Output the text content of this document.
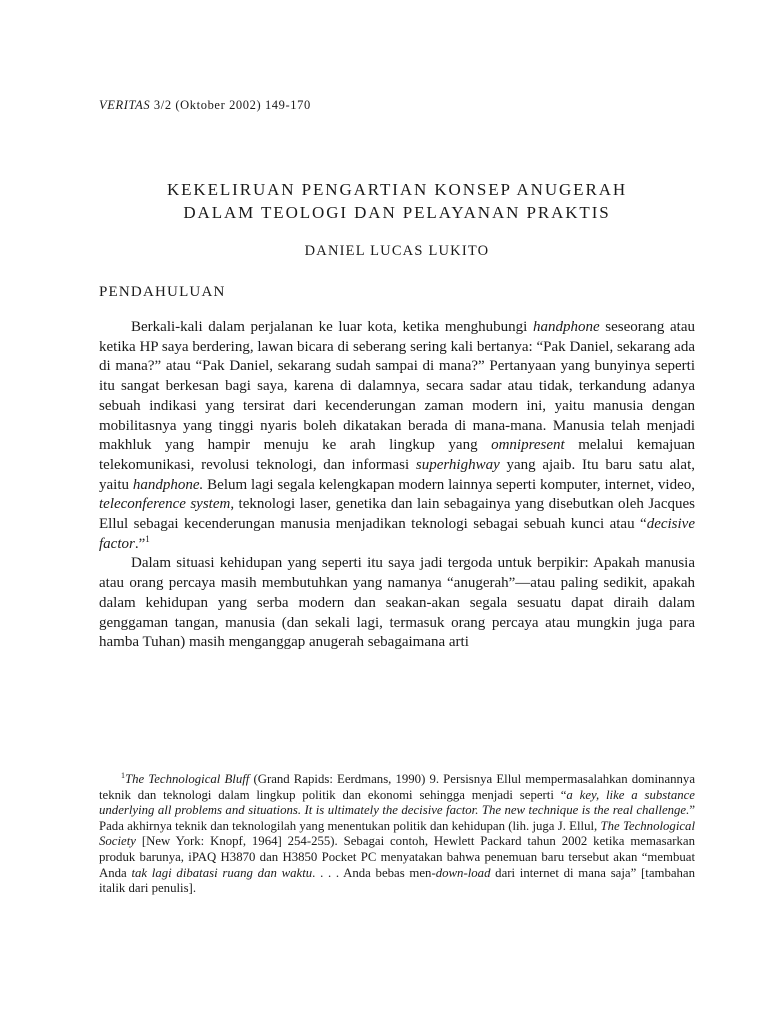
VERITAS 3/2 (Oktober 2002) 149-170
KEKELIRUAN PENGARTIAN KONSEP ANUGERAH
DALAM TEOLOGI DAN PELAYANAN PRAKTIS
DANIEL LUCAS LUKITO
PENDAHULUAN

Berkali-kali dalam perjalanan ke luar kota, ketika menghubungi handphone seseorang atau ketika HP saya berdering, lawan bicara di seberang sering kali bertanya: “Pak Daniel, sekarang ada di mana?” atau “Pak Daniel, sekarang sudah sampai di mana?” Pertanyaan yang bunyinya seperti itu sangat berkesan bagi saya, karena di dalamnya, secara sadar atau tidak, terkandung adanya sebuah indikasi yang tersirat dari kecenderungan zaman modern ini, yaitu manusia dengan mobilitasnya yang tinggi nyaris boleh dikatakan berada di mana-mana. Manusia telah menjadi makhluk yang hampir menuju ke arah lingkup yang omnipresent melalui kemajuan telekomunikasi, revolusi teknologi, dan informasi superhighway yang ajaib. Itu baru satu alat, yaitu handphone. Belum lagi segala kelengkapan modern lainnya seperti komputer, internet, video, teleconference system, teknologi laser, genetika dan lain sebagainya yang disebutkan oleh Jacques Ellul sebagai kecenderungan manusia menjadikan teknologi sebagai sebuah kunci atau “decisive factor.”$^1$

Dalam situasi kehidupan yang seperti itu saya jadi tergoda untuk berpikir: Apakah manusia atau orang percaya masih membutuhkan yang namanya “anugerah”—atau paling sedikit, apakah dalam kehidupan yang serba modern dan seakan-akan segala sesuatu dapat diraih dalam genggaman tangan, manusia (dan sekali lagi, termasuk orang percaya atau mungkin juga para hamba Tuhan) masih menganggap anugerah sebagaimana arti

$^1$The Technological Bluff (Grand Rapids: Eerdmans, 1990) 9. Persisnya Ellul mempermasalahkan dominannya teknik dan teknologi dalam lingkup politik dan ekonomi sehingga menjadi seperti “a key, like a substance underlying all problems and situations. It is ultimately the decisive factor. The new technique is the real challenge.” Pada akhirnya teknik dan teknologilah yang menentukan politik dan kehidupan (lih. juga J. Ellul, The Technological Society [New York: Knopf, 1964] 254-255). Sebagai contoh, Hewlett Packard tahun 2002 ketika memasarkan produk barunya, iPAQ H3870 dan H3850 Pocket PC menyatakan bahwa penemuan baru tersebut akan “membuat Anda tak lagi dibatasi ruang dan waktu. . . . Anda bebas men-down-load dari internet di mana saja” [tambahan italik dari penulis].
